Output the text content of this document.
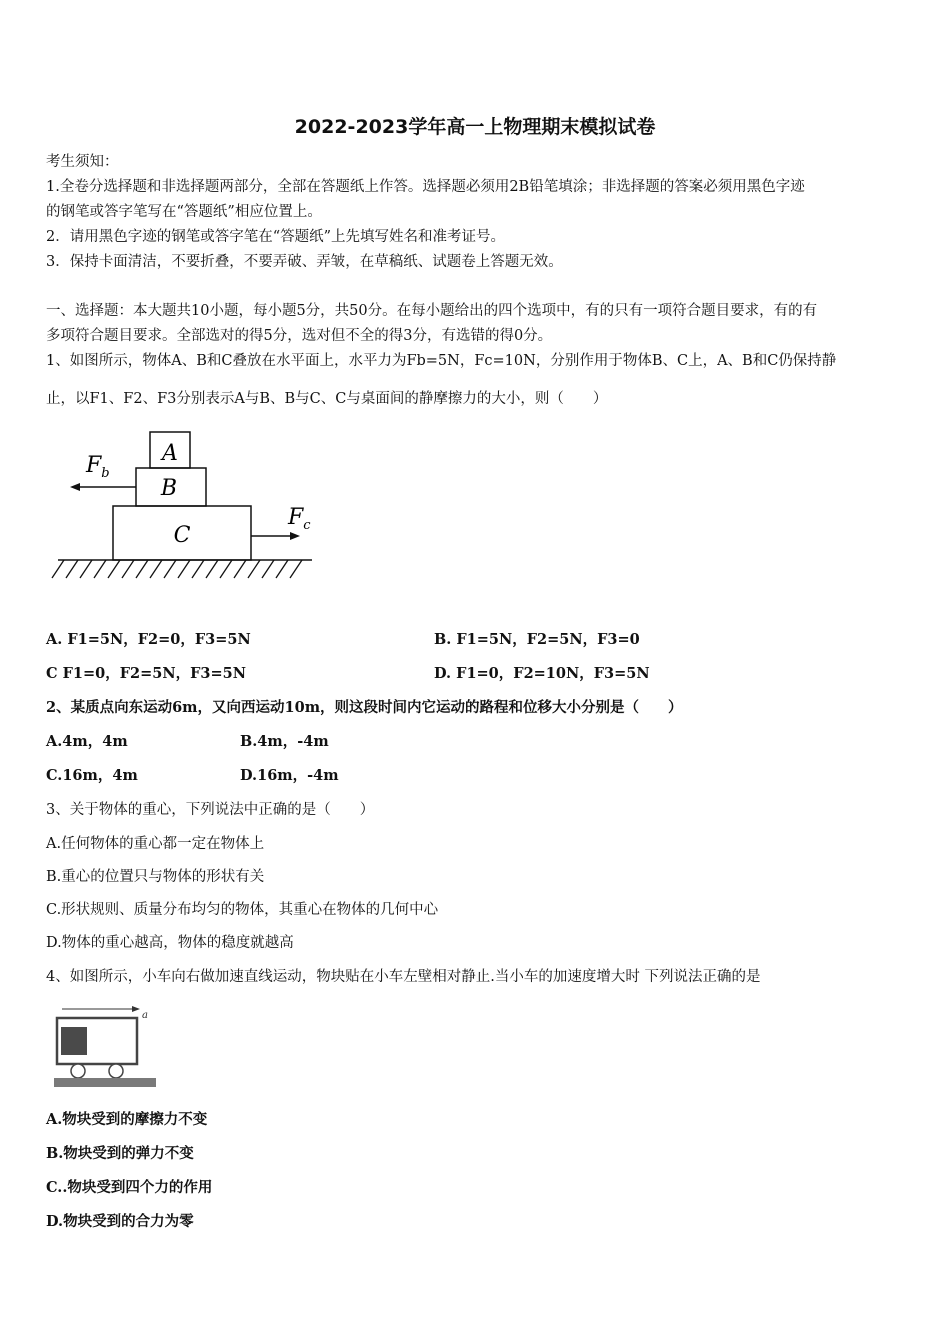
2022-2023学年高一上物理期末模拟试卷
考生须知：
1.全卷分选择题和非选择题两部分，全部在答题纸上作答。选择题必须用2B铅笔填涂；非选择题的答案必须用黑色字迹
的钢笔或答字笔写在“答题纸”相应位置上。
2．请用黑色字迹的钢笔或答字笔在“答题纸”上先填写姓名和准考证号。
3．保持卡面清洁，不要折叠，不要弄破、弄皱，在草稿纸、试题卷上答题无效。
一、选择题：本大题共10小题，每小题5分，共50分。在每小题给出的四个选项中，有的只有一项符合题目要求，有的有
多项符合题目要求。全部选对的得5分，选对但不全的得3分，有选错的得0分。
1、如图所示，物体A、B和C叠放在水平面上，水平力为Fb=5N，Fc=10N，分别作用于物体B、C上，A、B和C仍保持静
止，以F1、F2、F3分别表示A与B、B与C、C与桌面间的静摩擦力的大小，则（　　）
A
B
C
$F_b$
$F_c$
A. F1=5N，F2=0，F3=5N	B. F1=5N，F2=5N，F3=0
C F1=0，F2=5N，F3=5N	D. F1=0，F2=10N，F3=5N
2、某质点向东运动6m，又向西运动10m，则这段时间内它运动的路程和位移大小分别是（　　）
A.4m，4m	B.4m，-4m
C.16m，4m	D.16m，-4m
3、关于物体的重心，下列说法中正确的是（　　）
A.任何物体的重心都一定在物体上
B.重心的位置只与物体的形状有关
C.形状规则、质量分布均匀的物体，其重心在物体的几何中心
D.物体的重心越高，物体的稳度就越高
4、如图所示，小车向右做加速直线运动，物块贴在小车左壁相对静止.当小车的加速度增大时 下列说法正确的是
a
A.物块受到的摩擦力不变
B.物块受到的弹力不变
C..物块受到四个力的作用
D.物块受到的合力为零
